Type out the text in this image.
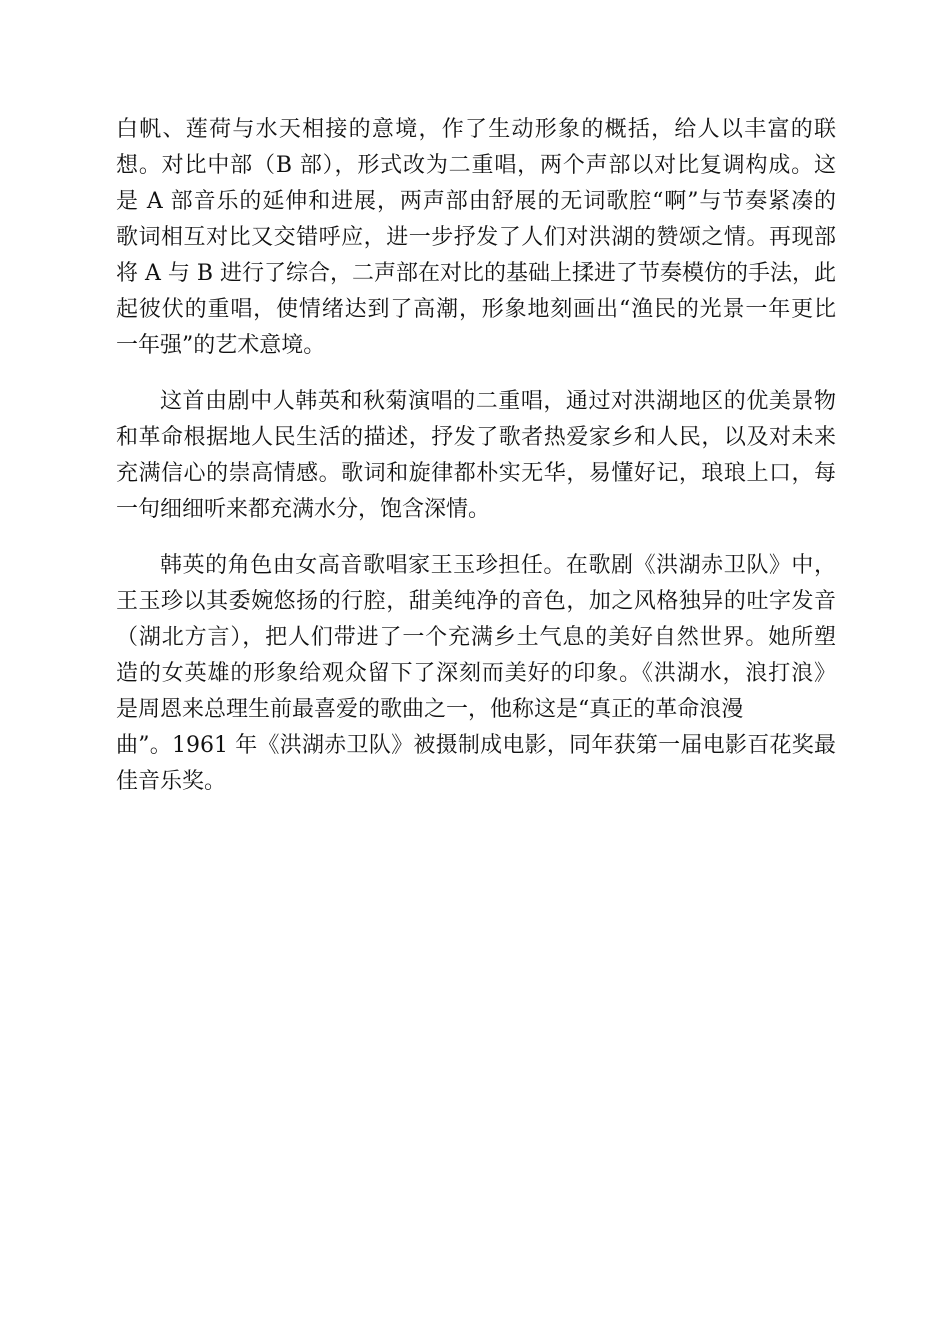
白帆、莲荷与水天相接的意境，作了生动形象的概括，给人以丰富的联
想。对比中部（B 部），形式改为二重唱，两个声部以对比复调构成。这
是 A 部音乐的延伸和进展，两声部由舒展的无词歌腔“啊”与节奏紧凑的
歌词相互对比又交错呼应，进一步抒发了人们对洪湖的赞颂之情。再现部
将 A 与 B 进行了综合，二声部在对比的基础上揉进了节奏模仿的手法，此
起彼伏的重唱，使情绪达到了高潮，形象地刻画出“渔民的光景一年更比
一年强”的艺术意境。
这首由剧中人韩英和秋菊演唱的二重唱，通过对洪湖地区的优美景物
和革命根据地人民生活的描述，抒发了歌者热爱家乡和人民，以及对未来
充满信心的崇高情感。歌词和旋律都朴实无华，易懂好记，琅琅上口，每
一句细细听来都充满水分，饱含深情。
韩英的角色由女高音歌唱家王玉珍担任。在歌剧《洪湖赤卫队》中，
王玉珍以其委婉悠扬的行腔，甜美纯净的音色，加之风格独异的吐字发音
（湖北方言），把人们带进了一个充满乡土气息的美好自然世界。她所塑
造的女英雄的形象给观众留下了深刻而美好的印象。《洪湖水，浪打浪》
是周恩来总理生前最喜爱的歌曲之一，他称这是“真正的革命浪漫
曲”。1961 年《洪湖赤卫队》被摄制成电影，同年获第一届电影百花奖最
佳音乐奖。
